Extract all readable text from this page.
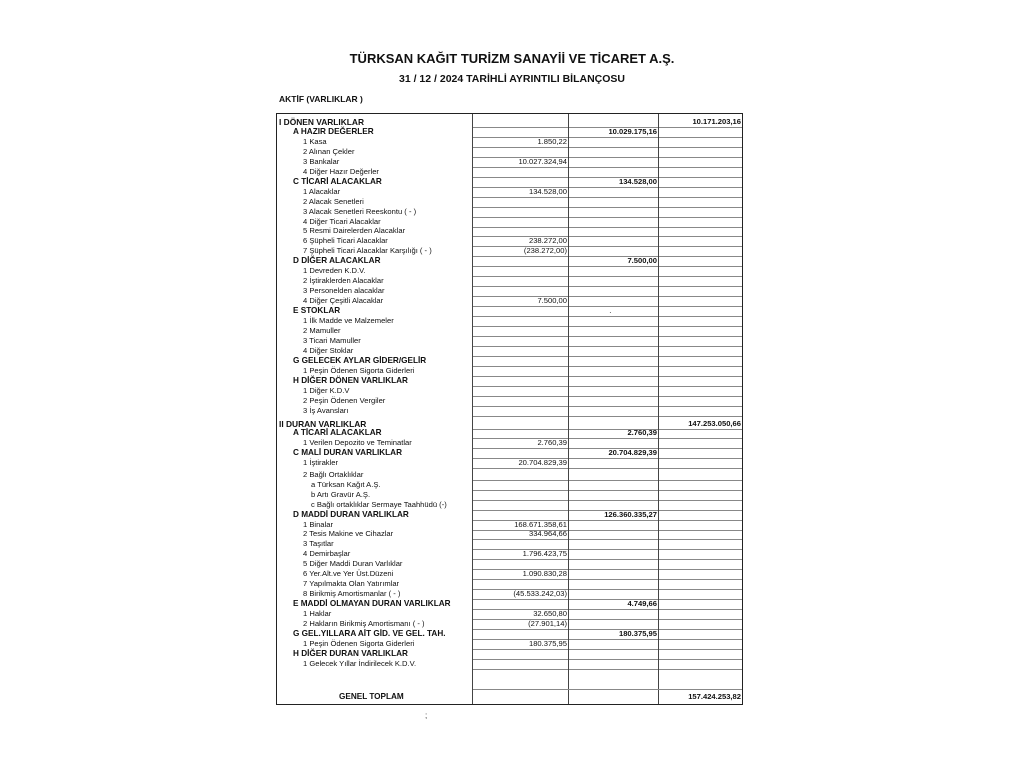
TÜRKSAN KAĞIT TURİZM SANAYİİ VE TİCARET A.Ş.
31 / 12 / 2024 TARİHLİ AYRINTILI BİLANÇOSU
AKTİF (VARLIKLAR )
I DÖNEN VARLIKLAR	10.171.203,16
A HAZIR DEĞERLER	10.029.175,16
1 Kasa	1.850,22
2 Alınan Çekler
3 Bankalar	10.027.324,94
4 Diğer Hazır Değerler
C TİCARİ ALACAKLAR	134.528,00
1 Alacaklar	134.528,00
2 Alacak Senetleri
3 Alacak Senetleri Reeskontu ( - )
4 Diğer Ticari Alacaklar
5 Resmi Dairelerden Alacaklar
6 Şüpheli Ticari Alacaklar	238.272,00
7 Şüpheli Ticari Alacaklar Karşılığı ( - )	(238.272,00)
D DİĞER ALACAKLAR	7.500,00
1 Devreden K.D.V.
2 İştiraklerden Alacaklar
3 Personelden alacaklar
4 Diğer Çeşitli Alacaklar	7.500,00
E STOKLAR
1 İlk Madde ve Malzemeler
2 Mamuller
3 Ticari Mamuller
4 Diğer Stoklar
G GELECEK AYLAR GİDER/GELİR
1 Peşin Ödenen Sigorta Giderleri
H DİĞER DÖNEN VARLIKLAR
1 Diğer K.D.V
2 Peşin Ödenen Vergiler
3 İş Avansları
II DURAN VARLIKLAR	147.253.050,66
A TİCARİ ALACAKLAR	2.760,39
1 Verilen Depozito ve Teminatlar	2.760,39
C MALİ DURAN VARLIKLAR	20.704.829,39
1 İştirakler	20.704.829,39
2 Bağlı Ortaklıklar
a Türksan Kağıt A.Ş.
b Artı Gravür A.Ş.
c Bağlı ortaklıklar Sermaye Taahhüdü (-)
D MADDİ DURAN VARLIKLAR	126.360.335,27
1 Binalar	168.671.358,61
2 Tesis Makine ve Cihazlar	334.964,66
3 Taşıtlar
4 Demirbaşlar	1.796.423,75
5 Diğer Maddi Duran Varlıklar
6 Yer.Alt.ve Yer Üst.Düzeni	1.090.830,28
7 Yapılmakta Olan Yatırımlar
8 Birikmiş Amortismanlar ( - )	(45.533.242,03)
E MADDİ OLMAYAN DURAN VARLIKLAR	4.749,66
1 Haklar	32.650,80
2 Hakların Birikmiş Amortismanı ( - )	(27.901,14)
G GEL.YILLARA AİT GİD. VE GEL. TAH.	180.375,95
1 Peşin Ödenen Sigorta Giderleri	180.375,95
H DİĞER DURAN VARLIKLAR
1 Gelecek Yıllar İndirilecek K.D.V.
GENEL TOPLAM	157.424.253,82
·
;
